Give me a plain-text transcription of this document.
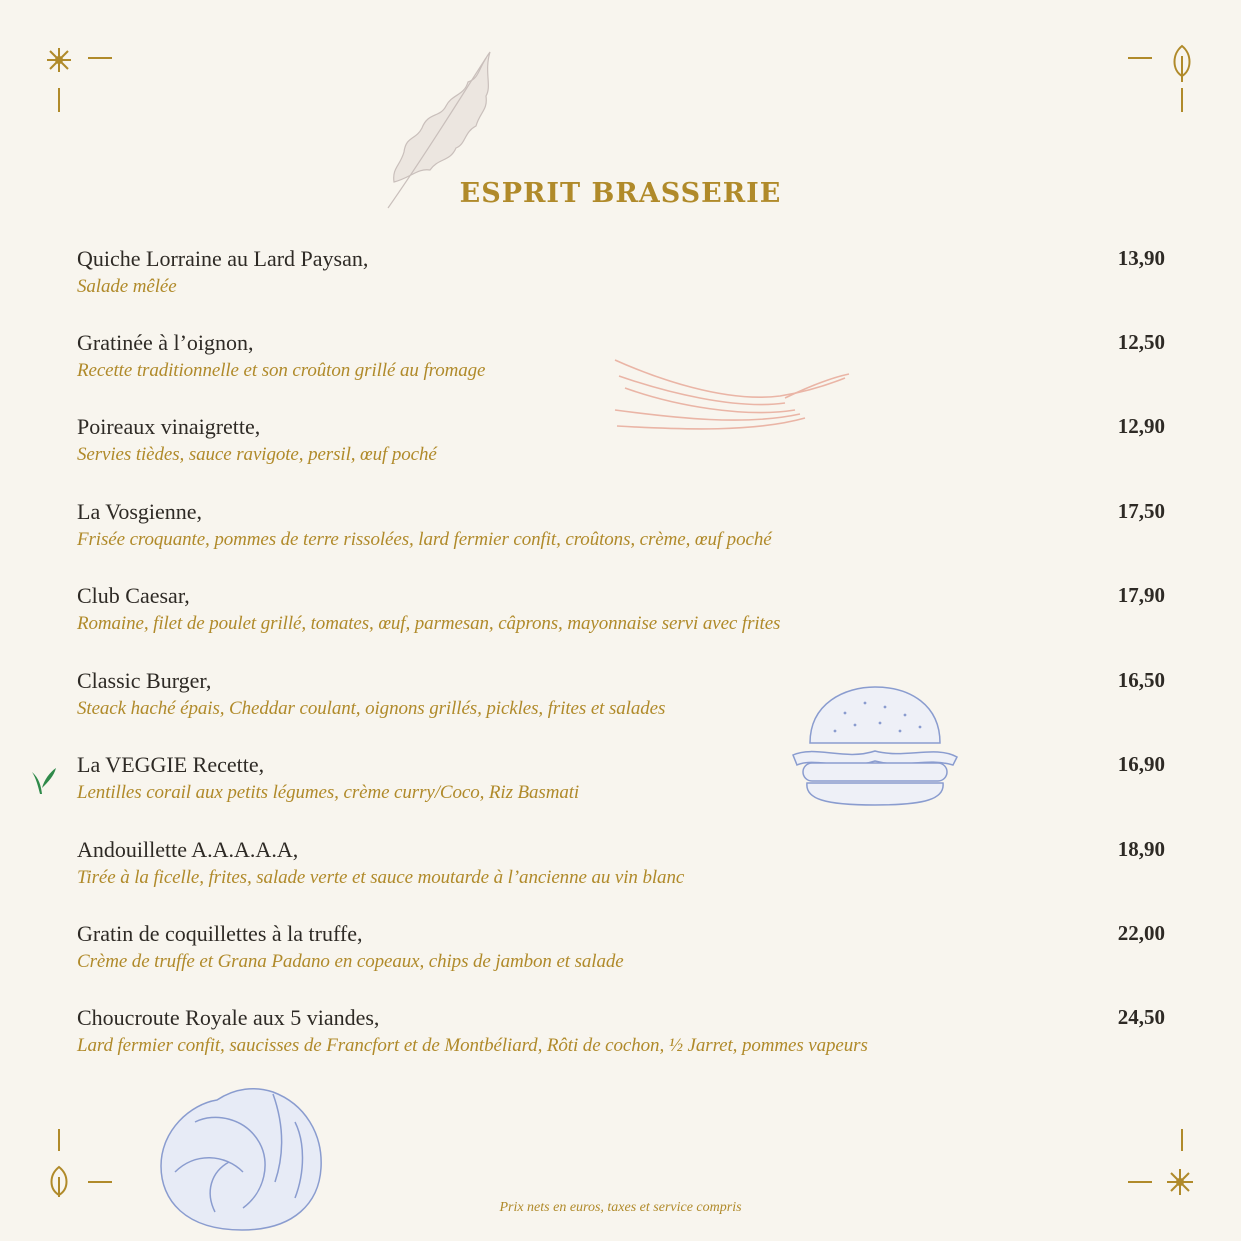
ESPRIT BRASSERIE
Quiche Lorraine au Lard Paysan,
Salade mêlée
13,90
Gratinée à l’oignon,
Recette traditionnelle et son croûton grillé au fromage
12,50
Poireaux vinaigrette,
Servies tièdes, sauce ravigote, persil, œuf poché
12,90
La Vosgienne,
Frisée croquante, pommes de terre rissolées, lard fermier confit, croûtons, crème, œuf poché
17,50
Club Caesar,
Romaine, filet de poulet grillé, tomates, œuf, parmesan, câprons, mayonnaise servi avec frites
17,90
Classic Burger,
Steack haché épais, Cheddar coulant, oignons grillés, pickles, frites et salades
16,50
La VEGGIE Recette,
Lentilles corail aux petits légumes, crème curry/Coco, Riz Basmati
16,90
Andouillette A.A.A.A.A,
Tirée à la ficelle, frites, salade verte et sauce moutarde à l’ancienne au vin blanc
18,90
Gratin de coquillettes à la truffe,
Crème de truffe et Grana Padano en copeaux, chips de jambon et salade
22,00
Choucroute Royale aux 5 viandes,
Lard fermier confit, saucisses de Francfort et de Montbéliard, Rôti de cochon, ½ Jarret, pommes vapeurs
24,50
Prix nets en euros, taxes et service compris
